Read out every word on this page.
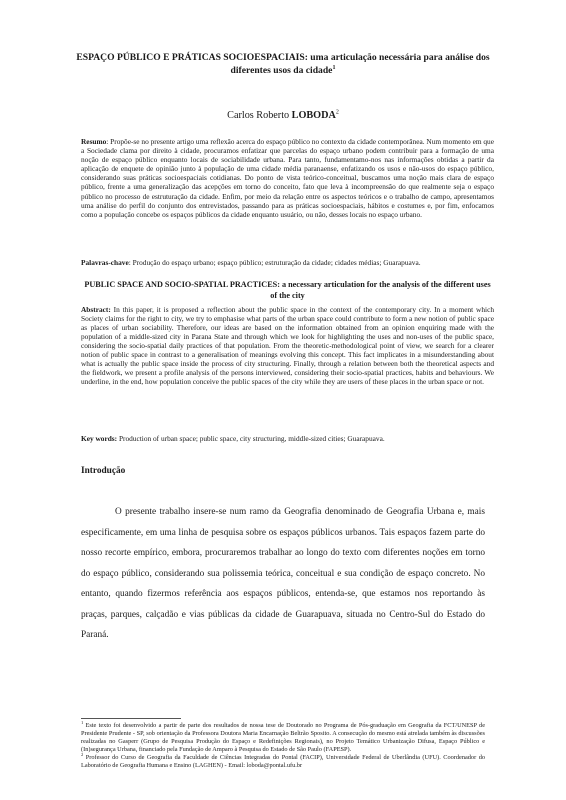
ESPAÇO PÚBLICO E PRÁTICAS SOCIOESPACIAIS: uma articulação necessária para análise dos diferentes usos da cidade$^1$
Carlos Roberto LOBODA$^2$
Resumo: Propõe-se no presente artigo uma reflexão acerca do espaço público no contexto da cidade contemporânea. Num momento em que a Sociedade clama por direito à cidade, procuramos enfatizar que parcelas do espaço urbano podem contribuir para a formação de uma noção de espaço público enquanto locais de sociabilidade urbana. Para tanto, fundamentamo-nos nas informações obtidas a partir da aplicação de enquete de opinião junto à população de uma cidade média paranaense, enfatizando os usos e não-usos do espaço público, considerando suas práticas socioespaciais cotidianas. Do ponto de vista teórico-conceitual, buscamos uma noção mais clara de espaço público, frente a uma generalização das acepções em torno do conceito, fato que leva à incompreensão do que realmente seja o espaço público no processo de estruturação da cidade. Enfim, por meio da relação entre os aspectos teóricos e o trabalho de campo, apresentamos uma análise do perfil do conjunto dos entrevistados, passando para as práticas socioespaciais, hábitos e costumes e, por fim, enfocamos como a população concebe os espaços públicos da cidade enquanto usuário, ou não, desses locais no espaço urbano.
Palavras-chave: Produção do espaço urbano; espaço público; estruturação da cidade; cidades médias; Guarapuava.
PUBLIC SPACE AND SOCIO-SPATIAL PRACTICES: a necessary articulation for the analysis of the different uses of the city
Abstract: In this paper, it is proposed a reflection about the public space in the context of the contemporary city. In a moment which Society claims for the right to city, we try to emphasise what parts of the urban space could contribute to form a new notion of public space as places of urban sociability. Therefore, our ideas are based on the information obtained from an opinion enquiring made with the population of a middle-sized city in Parana State and through which we look for highlighting the uses and non-uses of the public space, considering the socio-spatial daily practices of that population. From the theoretic-methodological point of view, we search for a clearer notion of public space in contrast to a generalisation of meanings evolving this concept. This fact implicates in a misunderstanding about what is actually the public space inside the process of city structuring. Finally, through a relation between both the theoretical aspects and the fieldwork, we present a profile analysis of the persons interviewed, considering their socio-spatial practices, habits and behaviours. We underline, in the end, how population conceive the public spaces of the city while they are users of these places in the urban space or not.
Key words: Production of urban space; public space, city structuring, middle-sized cities; Guarapuava.
Introdução
O presente trabalho insere-se num ramo da Geografia denominado de Geografia Urbana e, mais especificamente, em uma linha de pesquisa sobre os espaços públicos urbanos. Tais espaços fazem parte do nosso recorte empírico, embora, procuraremos trabalhar ao longo do texto com diferentes noções em torno do espaço público, considerando sua polissemia teórica, conceitual e sua condição de espaço concreto. No entanto, quando fizermos referência aos espaços públicos, entenda-se, que estamos nos reportando às praças, parques, calçadão e vias públicas da cidade de Guarapuava, situada no Centro-Sul do Estado do Paraná.

$^1$ Este texto foi desenvolvido a partir de parte dos resultados de nossa tese de Doutorado no Programa de Pós-graduação em Geografia da FCT/UNESP de Presidente Prudente - SP, sob orientação da Professora Doutora Maria Encarnação Beltrão Sposito. A consecução do mesmo está atrelada também às discussões realizadas no Gasperr (Grupo de Pesquisa Produção do Espaço e Redefinições Regionais), no Projeto Temático Urbanização Difusa, Espaço Público e (In)segurança Urbana, financiado pela Fundação de Amparo à Pesquisa do Estado de São Paulo (FAPESP).

$^2$ Professor do Curso de Geografia da Faculdade de Ciências Integradas do Pontal (FACIP), Universidade Federal de Uberlândia (UFU). Coordenador do Laboratório de Geografia Humana e Ensino (LAGHEN) - Email: loboda@pontal.ufu.br
